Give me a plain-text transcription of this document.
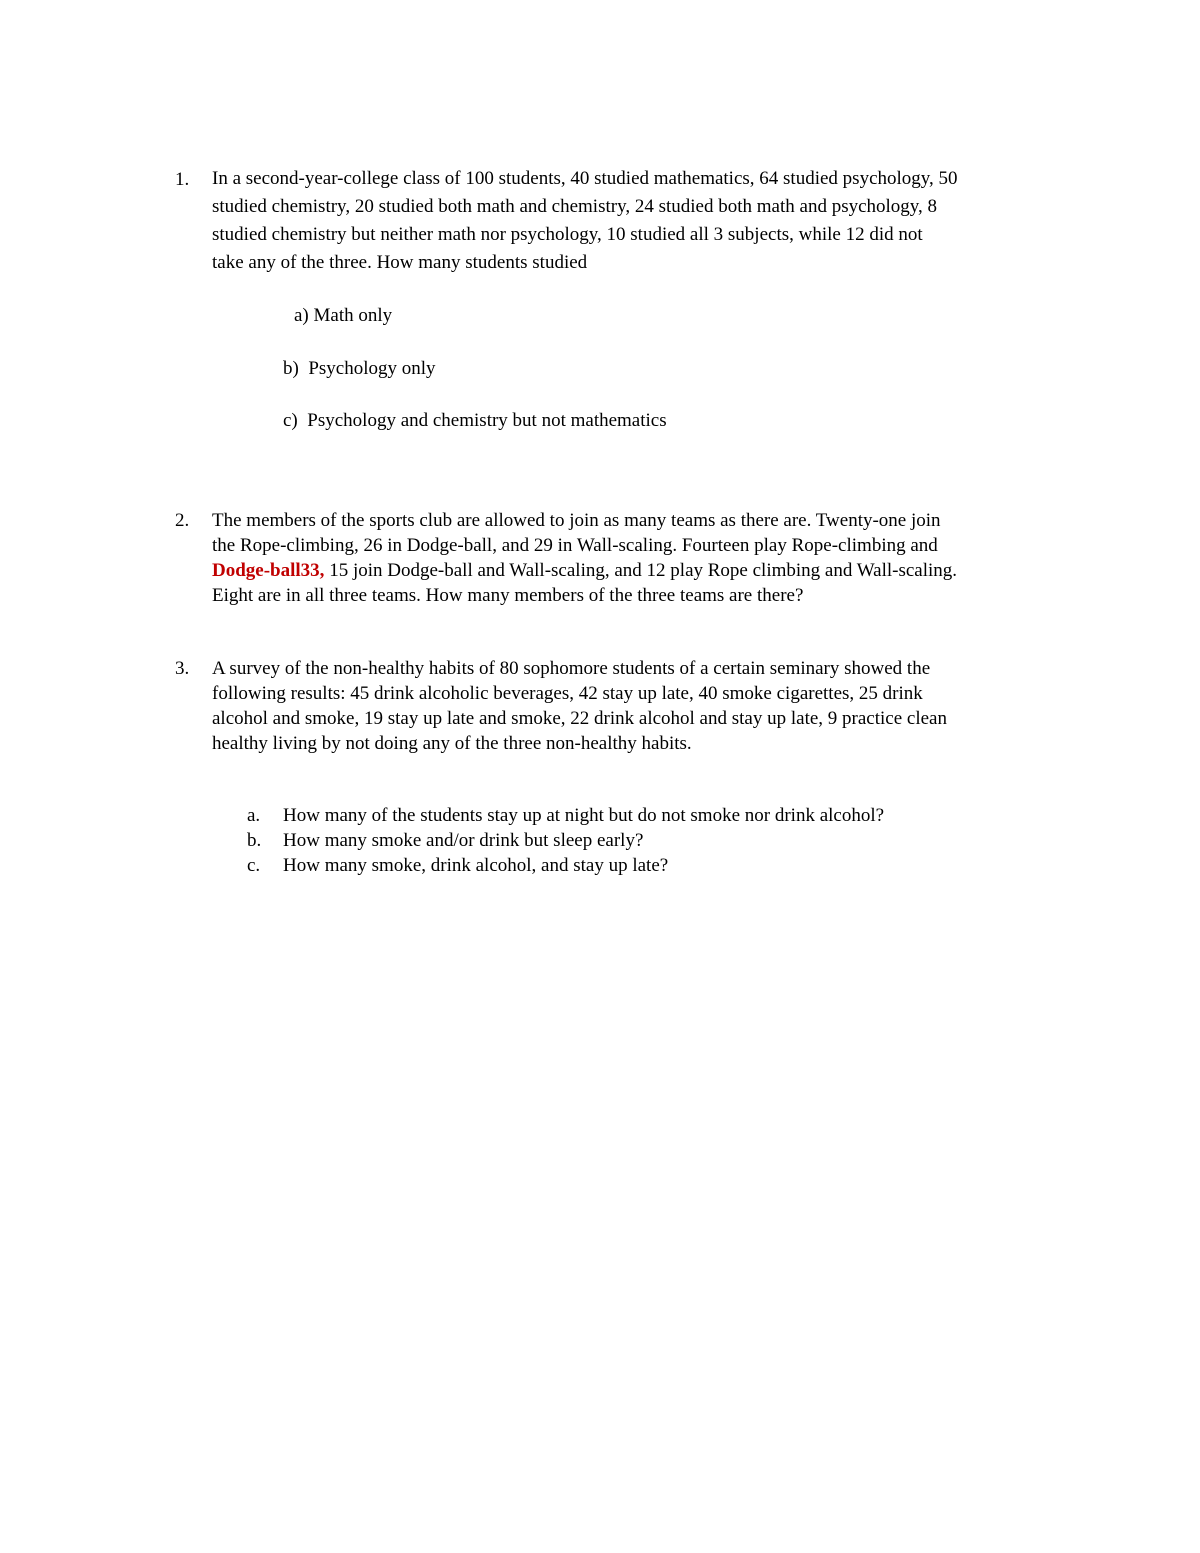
1. In a second-year-college class of 100 students, 40 studied mathematics, 64 studied psychology, 50
studied chemistry, 20 studied both math and chemistry, 24 studied both math and psychology, 8
studied chemistry but neither math nor psychology, 10 studied all 3 subjects, while 12 did not
take any of the three. How many students studied
a) Math only
b) Psychology only
c) Psychology and chemistry but not mathematics
2. The members of the sports club are allowed to join as many teams as there are. Twenty-one join
the Rope-climbing, 26 in Dodge-ball, and 29 in Wall-scaling. Fourteen play Rope-climbing and
Dodge-ball33, 15 join Dodge-ball and Wall-scaling, and 12 play Rope climbing and Wall-scaling.
Eight are in all three teams. How many members of the three teams are there?
3. A survey of the non-healthy habits of 80 sophomore students of a certain seminary showed the
following results: 45 drink alcoholic beverages, 42 stay up late, 40 smoke cigarettes, 25 drink
alcohol and smoke, 19 stay up late and smoke, 22 drink alcohol and stay up late, 9 practice clean
healthy living by not doing any of the three non-healthy habits.
a. How many of the students stay up at night but do not smoke nor drink alcohol?
b. How many smoke and/or drink but sleep early?
c. How many smoke, drink alcohol, and stay up late?
